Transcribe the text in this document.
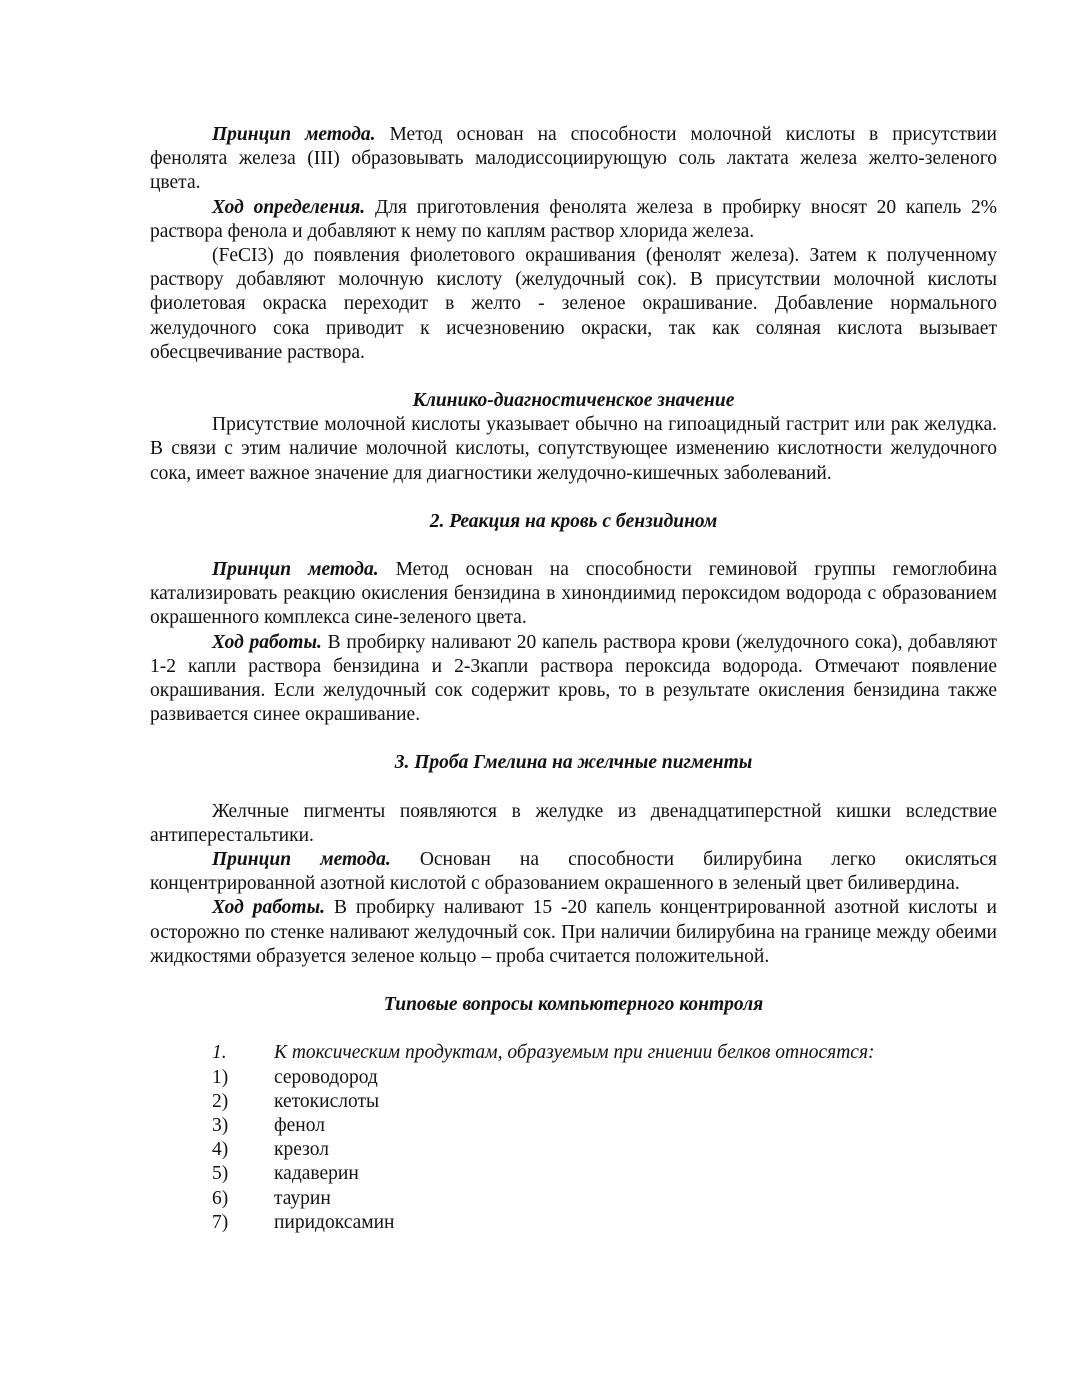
Принцип метода. Метод основан на способности молочной кислоты в присутствии фенолята железа (III) образовывать малодиссоциирующую соль лактата железа желто-зеленого цвета.

Ход определения. Для приготовления фенолята железа в пробирку вносят 20 капель 2% раствора фенола и добавляют к нему по каплям раствор хлорида железа.

(FeCI3) до появления фиолетового окрашивания (фенолят железа). Затем к полученному раствору добавляют молочную кислоту (желудочный сок). В присутствии молочной кислоты фиолетовая окраска переходит в желто - зеленое окрашивание. Добавление нормального желудочного сока приводит к исчезновению окраски, так как соляная кислота вызывает обесцвечивание раствора.

Клинико-диагностиченское значение

Присутствие молочной кислоты указывает обычно на гипоацидный гастрит или рак желудка. В связи с этим наличие молочной кислоты, сопутствующее изменению кислотности желудочного сока, имеет важное значение для диагностики желудочно-кишечных заболеваний.

2. Реакция на кровь с бензидином

Принцип метода. Метод основан на способности геминовой группы гемоглобина катализировать реакцию окисления бензидина в хинондиимид пероксидом водорода с образованием окрашенного комплекса сине-зеленого цвета.

Ход работы. В пробирку наливают 20 капель раствора крови (желудочного сока), добавляют 1-2 капли раствора бензидина и 2-3капли раствора пероксида водорода. Отмечают появление окрашивания. Если желудочный сок содержит кровь, то в результате окисления бензидина также развивается синее окрашивание.

3. Проба Гмелина на желчные пигменты

Желчные пигменты появляются в желудке из двенадцатиперстной кишки вследствие антиперестальтики.

Принцип метода. Основан на способности билирубина легко окисляться концентрированной азотной кислотой с образованием окрашенного в зеленый цвет биливердина.

Ход работы. В пробирку наливают 15 -20 капель концентрированной азотной кислоты и осторожно по стенке наливают желудочный сок. При наличии билирубина на границе между обеими жидкостями образуется зеленое кольцо – проба считается положительной.

Типовые вопросы компьютерного контроля
1.	К токсическим продуктам, образуемым при гниении белков относятся:
1)	сероводород
2)	кетокислоты
3)	фенол
4)	крезол
5)	кадаверин
6)	таурин
7)	пиридоксамин
